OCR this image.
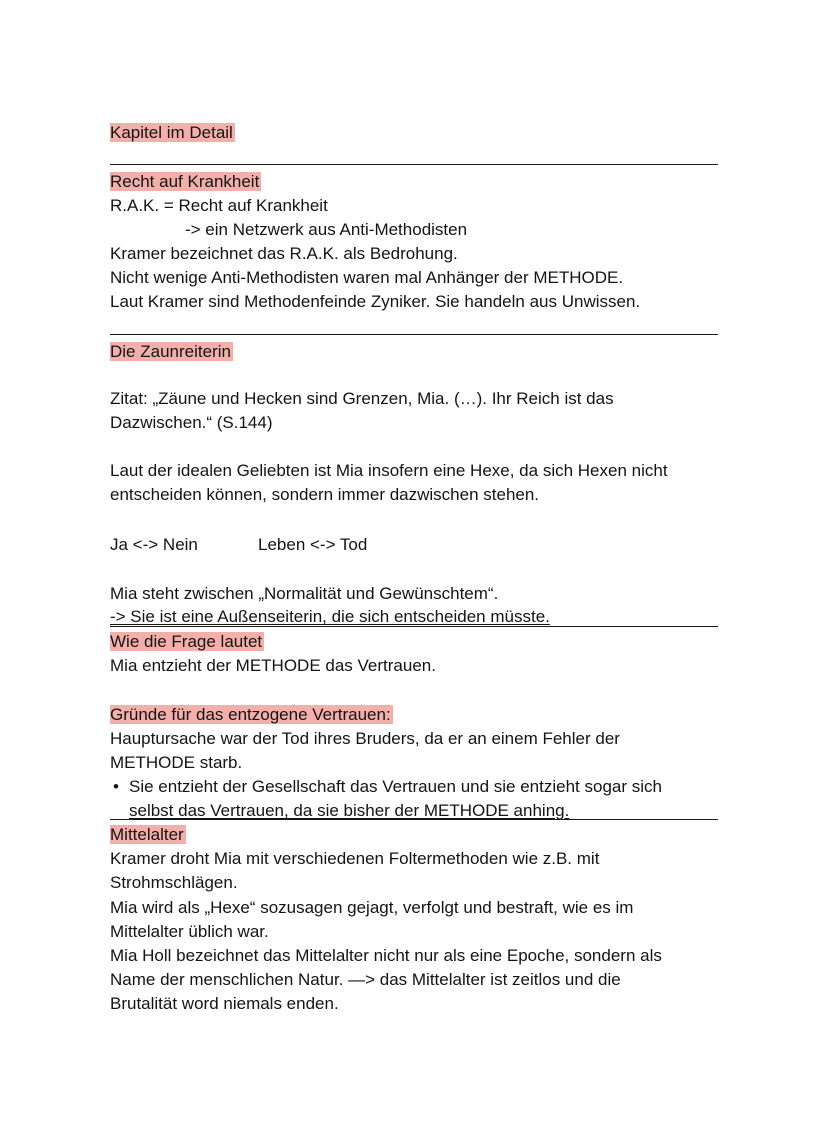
Kapitel im Detail
Recht auf Krankheit
R.A.K. = Recht auf Krankheit
-> ein Netzwerk aus Anti-Methodisten
Kramer bezeichnet das R.A.K. als Bedrohung.
Nicht wenige Anti-Methodisten waren mal Anhänger der METHODE.
Laut Kramer sind Methodenfeinde Zyniker. Sie handeln aus Unwissen.
Die Zaunreiterin
Zitat: „Zäune und Hecken sind Grenzen, Mia. (…). Ihr Reich ist das
Dazwischen.“ (S.144)
Laut der idealen Geliebten ist Mia insofern eine Hexe, da sich Hexen nicht
entscheiden können, sondern immer dazwischen stehen.
Ja <-> Nein	Leben <-> Tod
Mia steht zwischen „Normalität und Gewünschtem“.
-> Sie ist eine Außenseiterin, die sich entscheiden müsste.
Wie die Frage lautet
Mia entzieht der METHODE das Vertrauen.
Gründe für das entzogene Vertrauen:
Hauptursache war der Tod ihres Bruders, da er an einem Fehler der
METHODE starb.
• Sie entzieht der Gesellschaft das Vertrauen und sie entzieht sogar sich
selbst das Vertrauen, da sie bisher der METHODE anhing.
Mittelalter
Kramer droht Mia mit verschiedenen Foltermethoden wie z.B. mit
Strohmschlägen.
Mia wird als „Hexe“ sozusagen gejagt, verfolgt und bestraft, wie es im
Mittelalter üblich war.
Mia Holl bezeichnet das Mittelalter nicht nur als eine Epoche, sondern als
Name der menschlichen Natur. —> das Mittelalter ist zeitlos und die
Brutalität word niemals enden.
